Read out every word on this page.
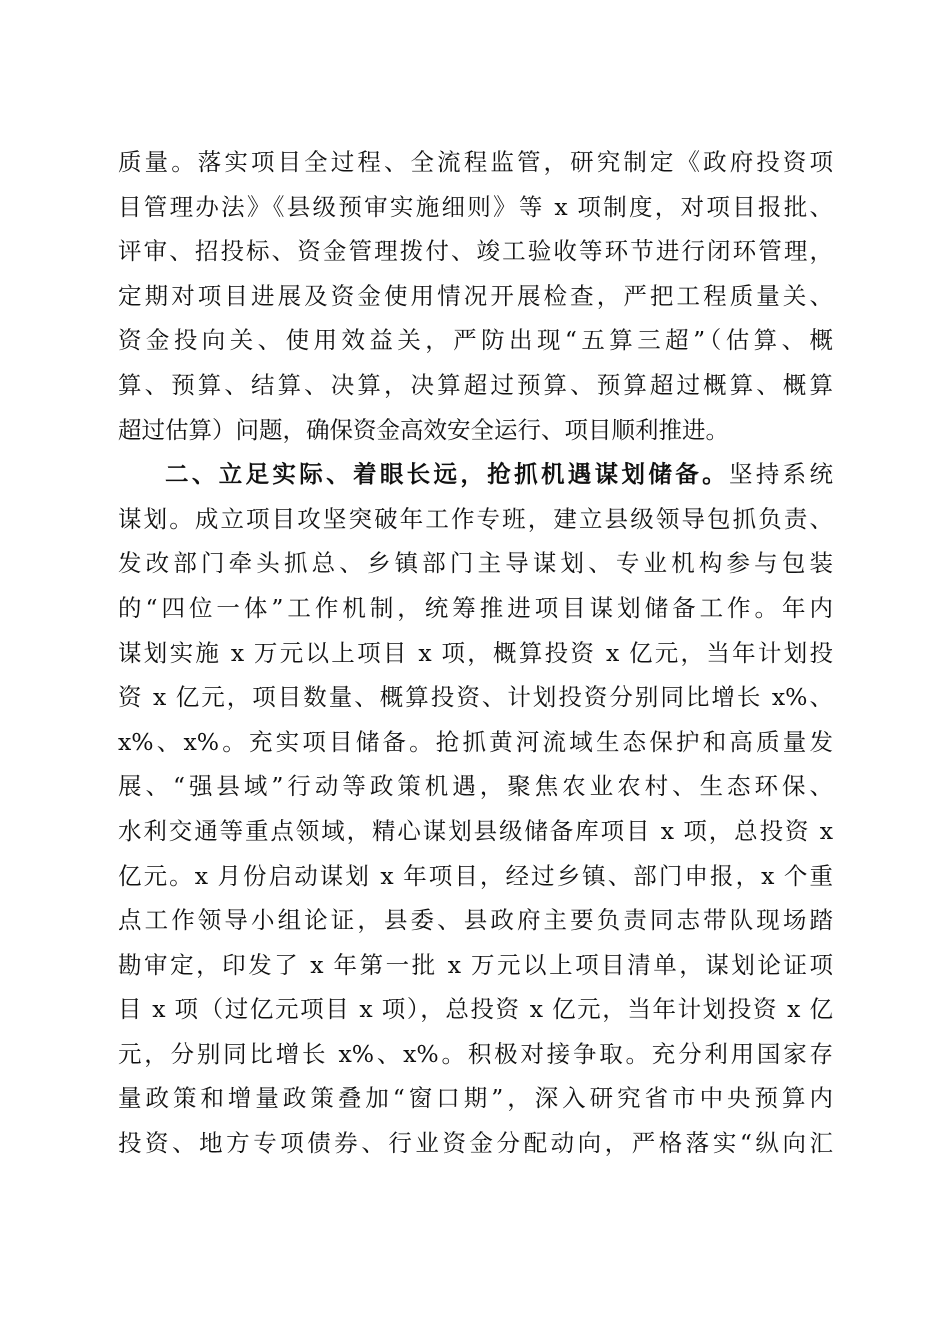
质量。落实项目全过程、全流程监管，研究制定《政府投资项
目管理办法》《县级预审实施细则》等 x 项制度，对项目报批、
评审、招投标、资金管理拨付、竣工验收等环节进行闭环管理，
定期对项目进展及资金使用情况开展检查，严把工程质量关、
资金投向关、使用效益关，严防出现“五算三超”（估算、概
算、预算、结算、决算，决算超过预算、预算超过概算、概算
超过估算）问题，确保资金高效安全运行、项目顺利推进。
二、立足实际、着眼长远，抢抓机遇谋划储备。坚持系统
谋划。成立项目攻坚突破年工作专班，建立县级领导包抓负责、
发改部门牵头抓总、乡镇部门主导谋划、专业机构参与包装
的“四位一体”工作机制，统筹推进项目谋划储备工作。年内
谋划实施 x 万元以上项目 x 项，概算投资 x 亿元，当年计划投
资 x 亿元，项目数量、概算投资、计划投资分别同比增长 x%、
x%、x%。充实项目储备。抢抓黄河流域生态保护和高质量发
展、“强县域”行动等政策机遇，聚焦农业农村、生态环保、
水利交通等重点领域，精心谋划县级储备库项目 x 项，总投资 x
亿元。x 月份启动谋划 x 年项目，经过乡镇、部门申报，x 个重
点工作领导小组论证，县委、县政府主要负责同志带队现场踏
勘审定，印发了 x 年第一批 x 万元以上项目清单，谋划论证项
目 x 项（过亿元项目 x 项），总投资 x 亿元，当年计划投资 x 亿
元，分别同比增长 x%、x%。积极对接争取。充分利用国家存
量政策和增量政策叠加“窗口期”，深入研究省市中央预算内
投资、地方专项债券、行业资金分配动向，严格落实“纵向汇
